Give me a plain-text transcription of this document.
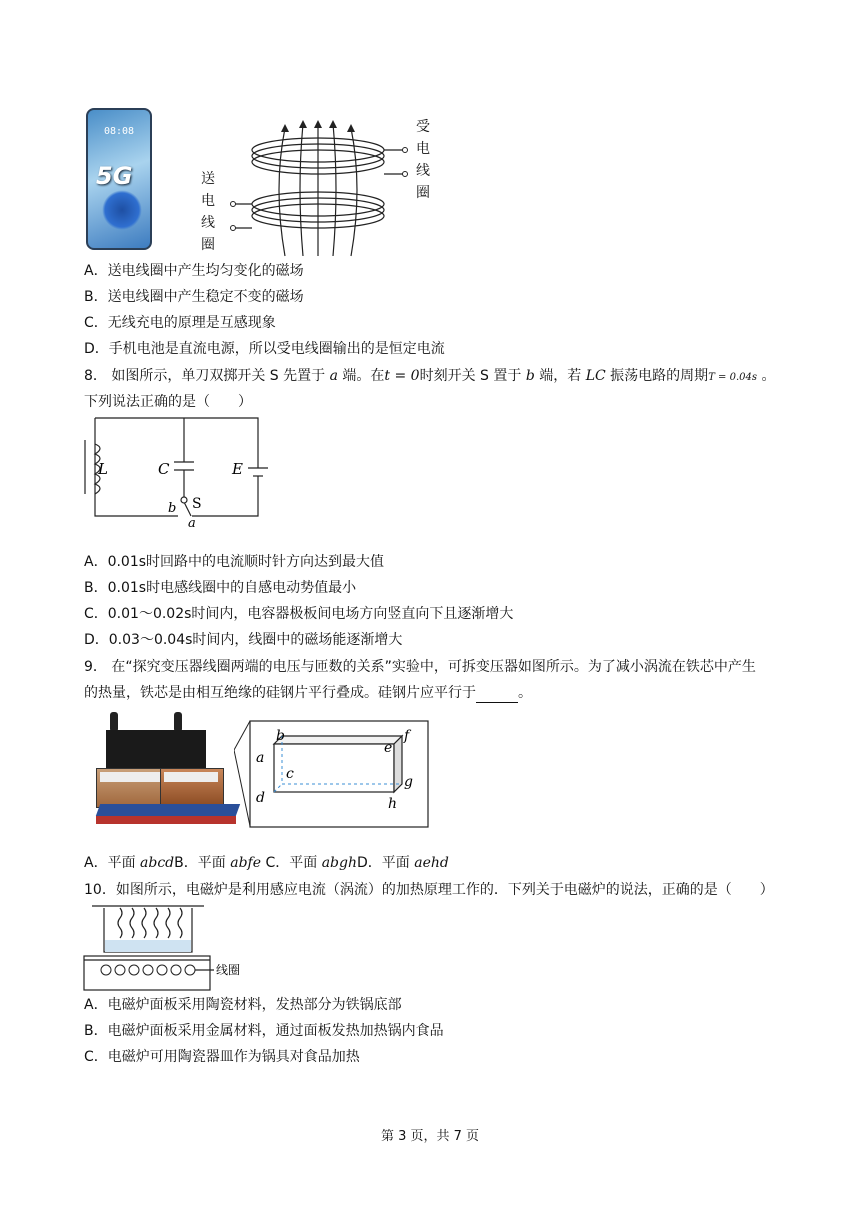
08:08
5G
受
电
线
圈
送
电
线
圈
A．送电线圈中产生均匀变化的磁场
B．送电线圈中产生稳定不变的磁场
C．无线充电的原理是互感现象
D．手机电池是直流电源，所以受电线圈输出的是恒定电流
8． 如图所示，单刀双掷开关 S 先置于 a 端。在t = 0时刻开关 S 置于 b 端，若 LC 振荡电路的周期T = 0.04s 。
下列说法正确的是（　　）
L	C	E
S
b
a
A．0.01s时回路中的电流顺时针方向达到最大值
B．0.01s时电感线圈中的自感电动势值最小
C．0.01～0.02s时间内，电容器极板间电场方向竖直向下且逐渐增大
D．0.03～0.04s时间内，线圈中的磁场能逐渐增大
9． 在“探究变压器线圈两端的电压与匝数的关系”实验中，可拆变压器如图所示。为了减小涡流在铁芯中产生
的热量，铁芯是由相互绝缘的硅钢片平行叠成。硅钢片应平行于	。
a
b
c
d
e
f
g
h
A．平面 abcdB．平面 abfe C．平面 abghD．平面 aehd
10．如图所示，电磁炉是利用感应电流（涡流）的加热原理工作的．下列关于电磁炉的说法，正确的是（　　）
线圈
A．电磁炉面板采用陶瓷材料，发热部分为铁锅底部
B．电磁炉面板采用金属材料，通过面板发热加热锅内食品
C．电磁炉可用陶瓷器皿作为锅具对食品加热
第 3 页，共 7 页
